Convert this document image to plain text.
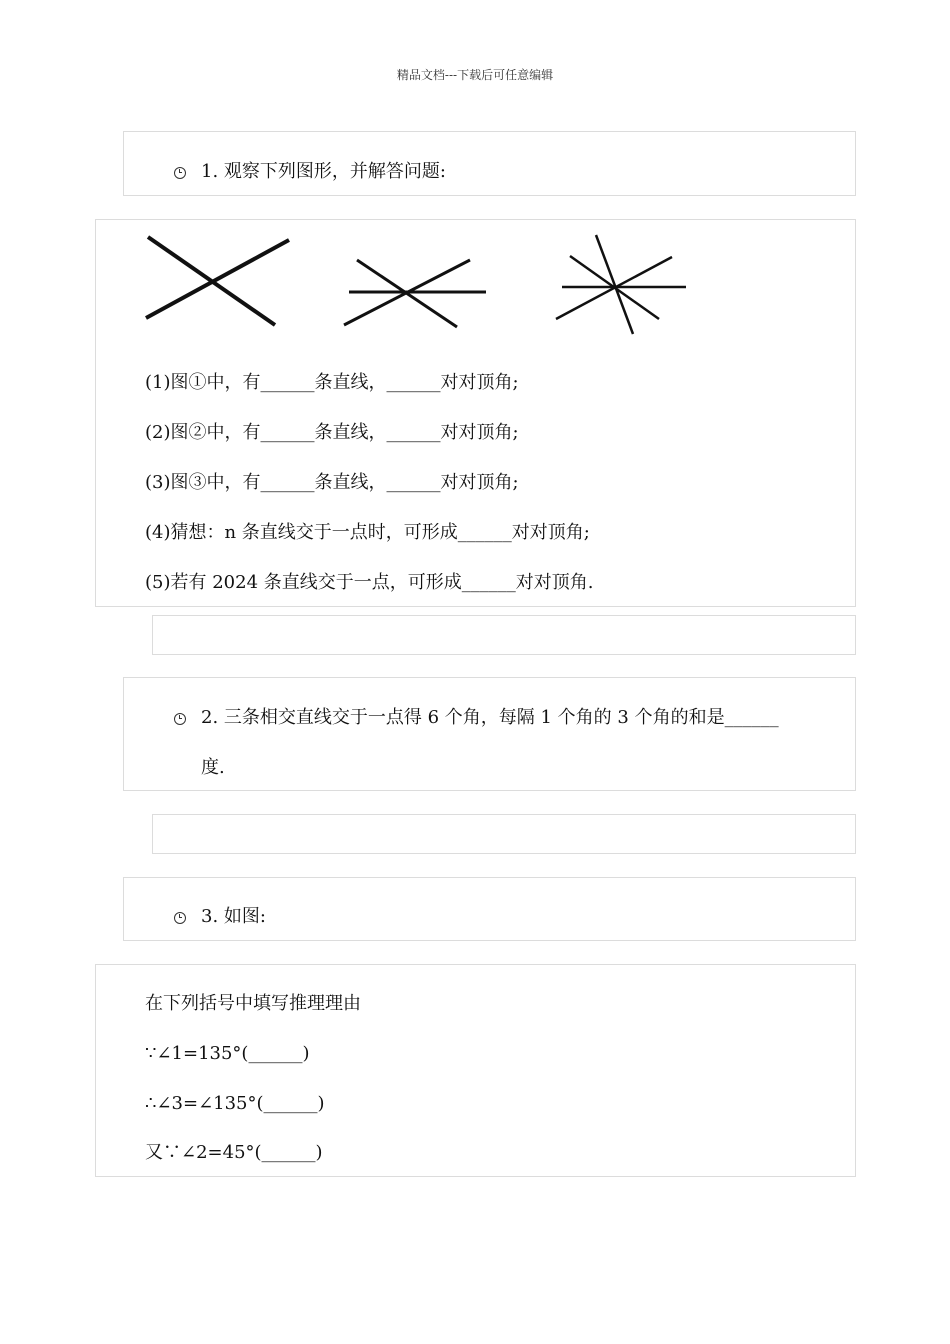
精品文档---下载后可任意编辑
1. 观察下列图形，并解答问题:
(1)图①中，有______条直线，______对对顶角;
(2)图②中，有______条直线，______对对顶角;
(3)图③中，有______条直线，______对对顶角;
(4)猜想：n 条直线交于一点时，可形成______对对顶角;
(5)若有 2024 条直线交于一点，可形成______对对顶角.
2. 三条相交直线交于一点得 6 个角，每隔 1 个角的 3 个角的和是______
度.
3. 如图:
在下列括号中填写推理理由
∵∠1=135°(______)
∴∠3=∠135°(______)
又∵∠2=45°(______)
